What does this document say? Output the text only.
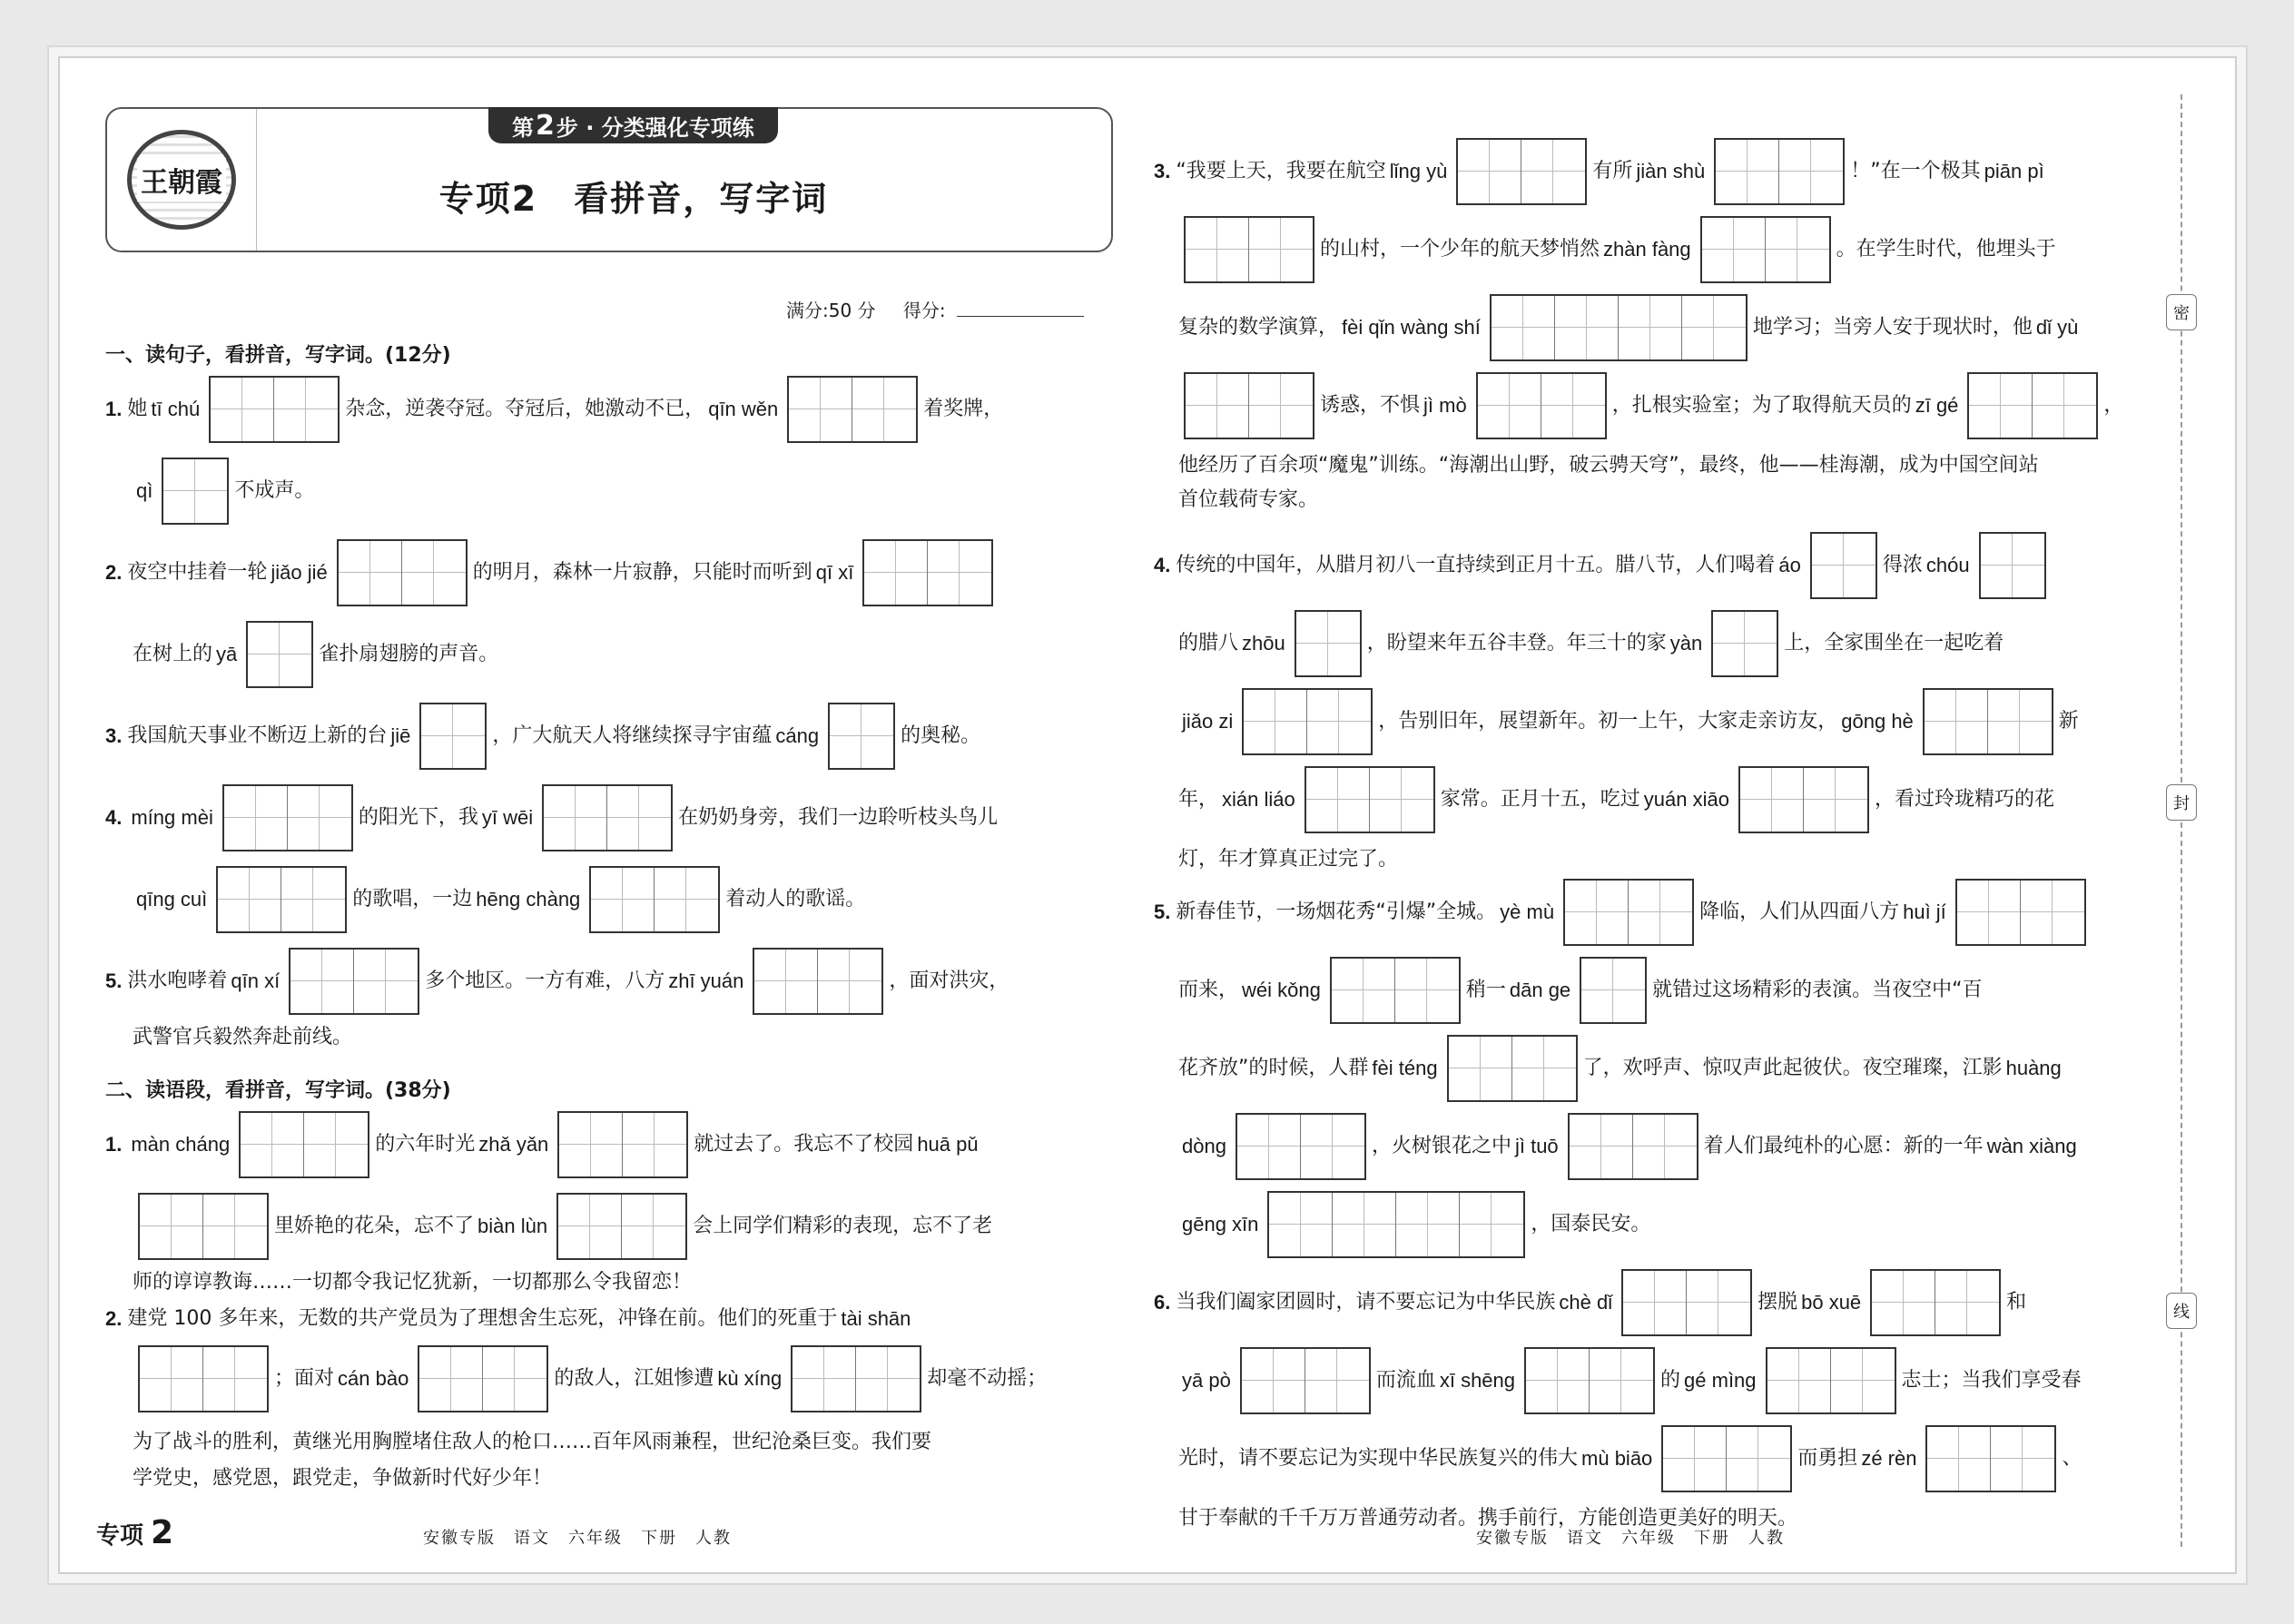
王朝霞
第 2 步 · 分类强化专项练
专项2　看拼音，写字词
满分:50 分 得分:
一、读句子，看拼音，写字词。(12分)
1. 她 tī chú	杂念，逆袭夺冠。夺冠后，她激动不已， qīn wěn	着奖牌，
qì	不成声。
2. 夜空中挂着一轮 jiǎo jié	的明月，森林一片寂静，只能时而听到 qī xī
在树上的 yā	雀扑扇翅膀的声音。
3. 我国航天事业不断迈上新的台 jiē	，广大航天人将继续探寻宇宙蕴 cáng	的奥秘。
4. míng mèi	的阳光下，我 yī wēi	在奶奶身旁，我们一边聆听枝头鸟儿
qīng cuì	的歌唱，一边 hēng chàng	着动人的歌谣。
5. 洪水咆哮着 qīn xí	多个地区。一方有难，八方 zhī yuán	，面对洪灾，
武警官兵毅然奔赴前线。
二、读语段，看拼音，写字词。(38分)
1. màn cháng	的六年时光 zhǎ yǎn	就过去了。我忘不了校园 huā pǔ
里娇艳的花朵，忘不了 biàn lùn	会上同学们精彩的表现，忘不了老
师的谆谆教诲……一切都令我记忆犹新，一切都那么令我留恋！
2. 建党 100 多年来，无数的共产党员为了理想舍生忘死，冲锋在前。他们的死重于 tài shān
；面对 cán bào	的敌人，江姐惨遭 kù xíng	却毫不动摇；
为了战斗的胜利，黄继光用胸膛堵住敌人的枪口……百年风雨兼程，世纪沧桑巨变。我们要
学党史，感党恩，跟党走，争做新时代好少年！
3. “我要上天，我要在航空 lǐng yù	有所 jiàn shù	！”在一个极其 piān pì
的山村，一个少年的航天梦悄然 zhàn fàng	。在学生时代，他埋头于
复杂的数学演算， fèi qǐn wàng shí	地学习；当旁人安于现状时，他 dǐ yù
诱惑，不惧 jì mò	，扎根实验室；为了取得航天员的 zī gé	，
他经历了百余项“魔鬼”训练。“海潮出山野，破云骋天穹”，最终，他——桂海潮，成为中国空间站
首位载荷专家。
4. 传统的中国年，从腊月初八一直持续到正月十五。腊八节，人们喝着 áo	得浓 chóu
的腊八 zhōu	，盼望来年五谷丰登。年三十的家 yàn	上，全家围坐在一起吃着
jiǎo zi	，告别旧年，展望新年。初一上午，大家走亲访友， gōng hè	新
年， xián liáo	家常。正月十五，吃过 yuán xiāo	，看过玲珑精巧的花
灯，年才算真正过完了。
5. 新春佳节，一场烟花秀“引爆”全城。 yè mù	降临，人们从四面八方 huì jí
而来， wéi kǒng	稍一 dān ge	就错过这场精彩的表演。当夜空中“百
花齐放”的时候，人群 fèi téng	了，欢呼声、惊叹声此起彼伏。夜空璀璨，江影 huàng
dòng	，火树银花之中 jì tuō	着人们最纯朴的心愿：新的一年 wàn xiàng
gēng xīn	，国泰民安。
6. 当我们阖家团圆时，请不要忘记为中华民族 chè dǐ	摆脱 bō xuē	和
yā pò	而流血 xī shēng	的 gé mìng	志士；当我们享受春
光时，请不要忘记为实现中华民族复兴的伟大 mù biāo	而勇担 zé rèn	、
甘于奉献的千千万万普通劳动者。携手前行，方能创造更美好的明天。
专项 2	安徽专版　语文　六年级　下册　人教	安徽专版　语文　六年级　下册　人教
密
封
线
